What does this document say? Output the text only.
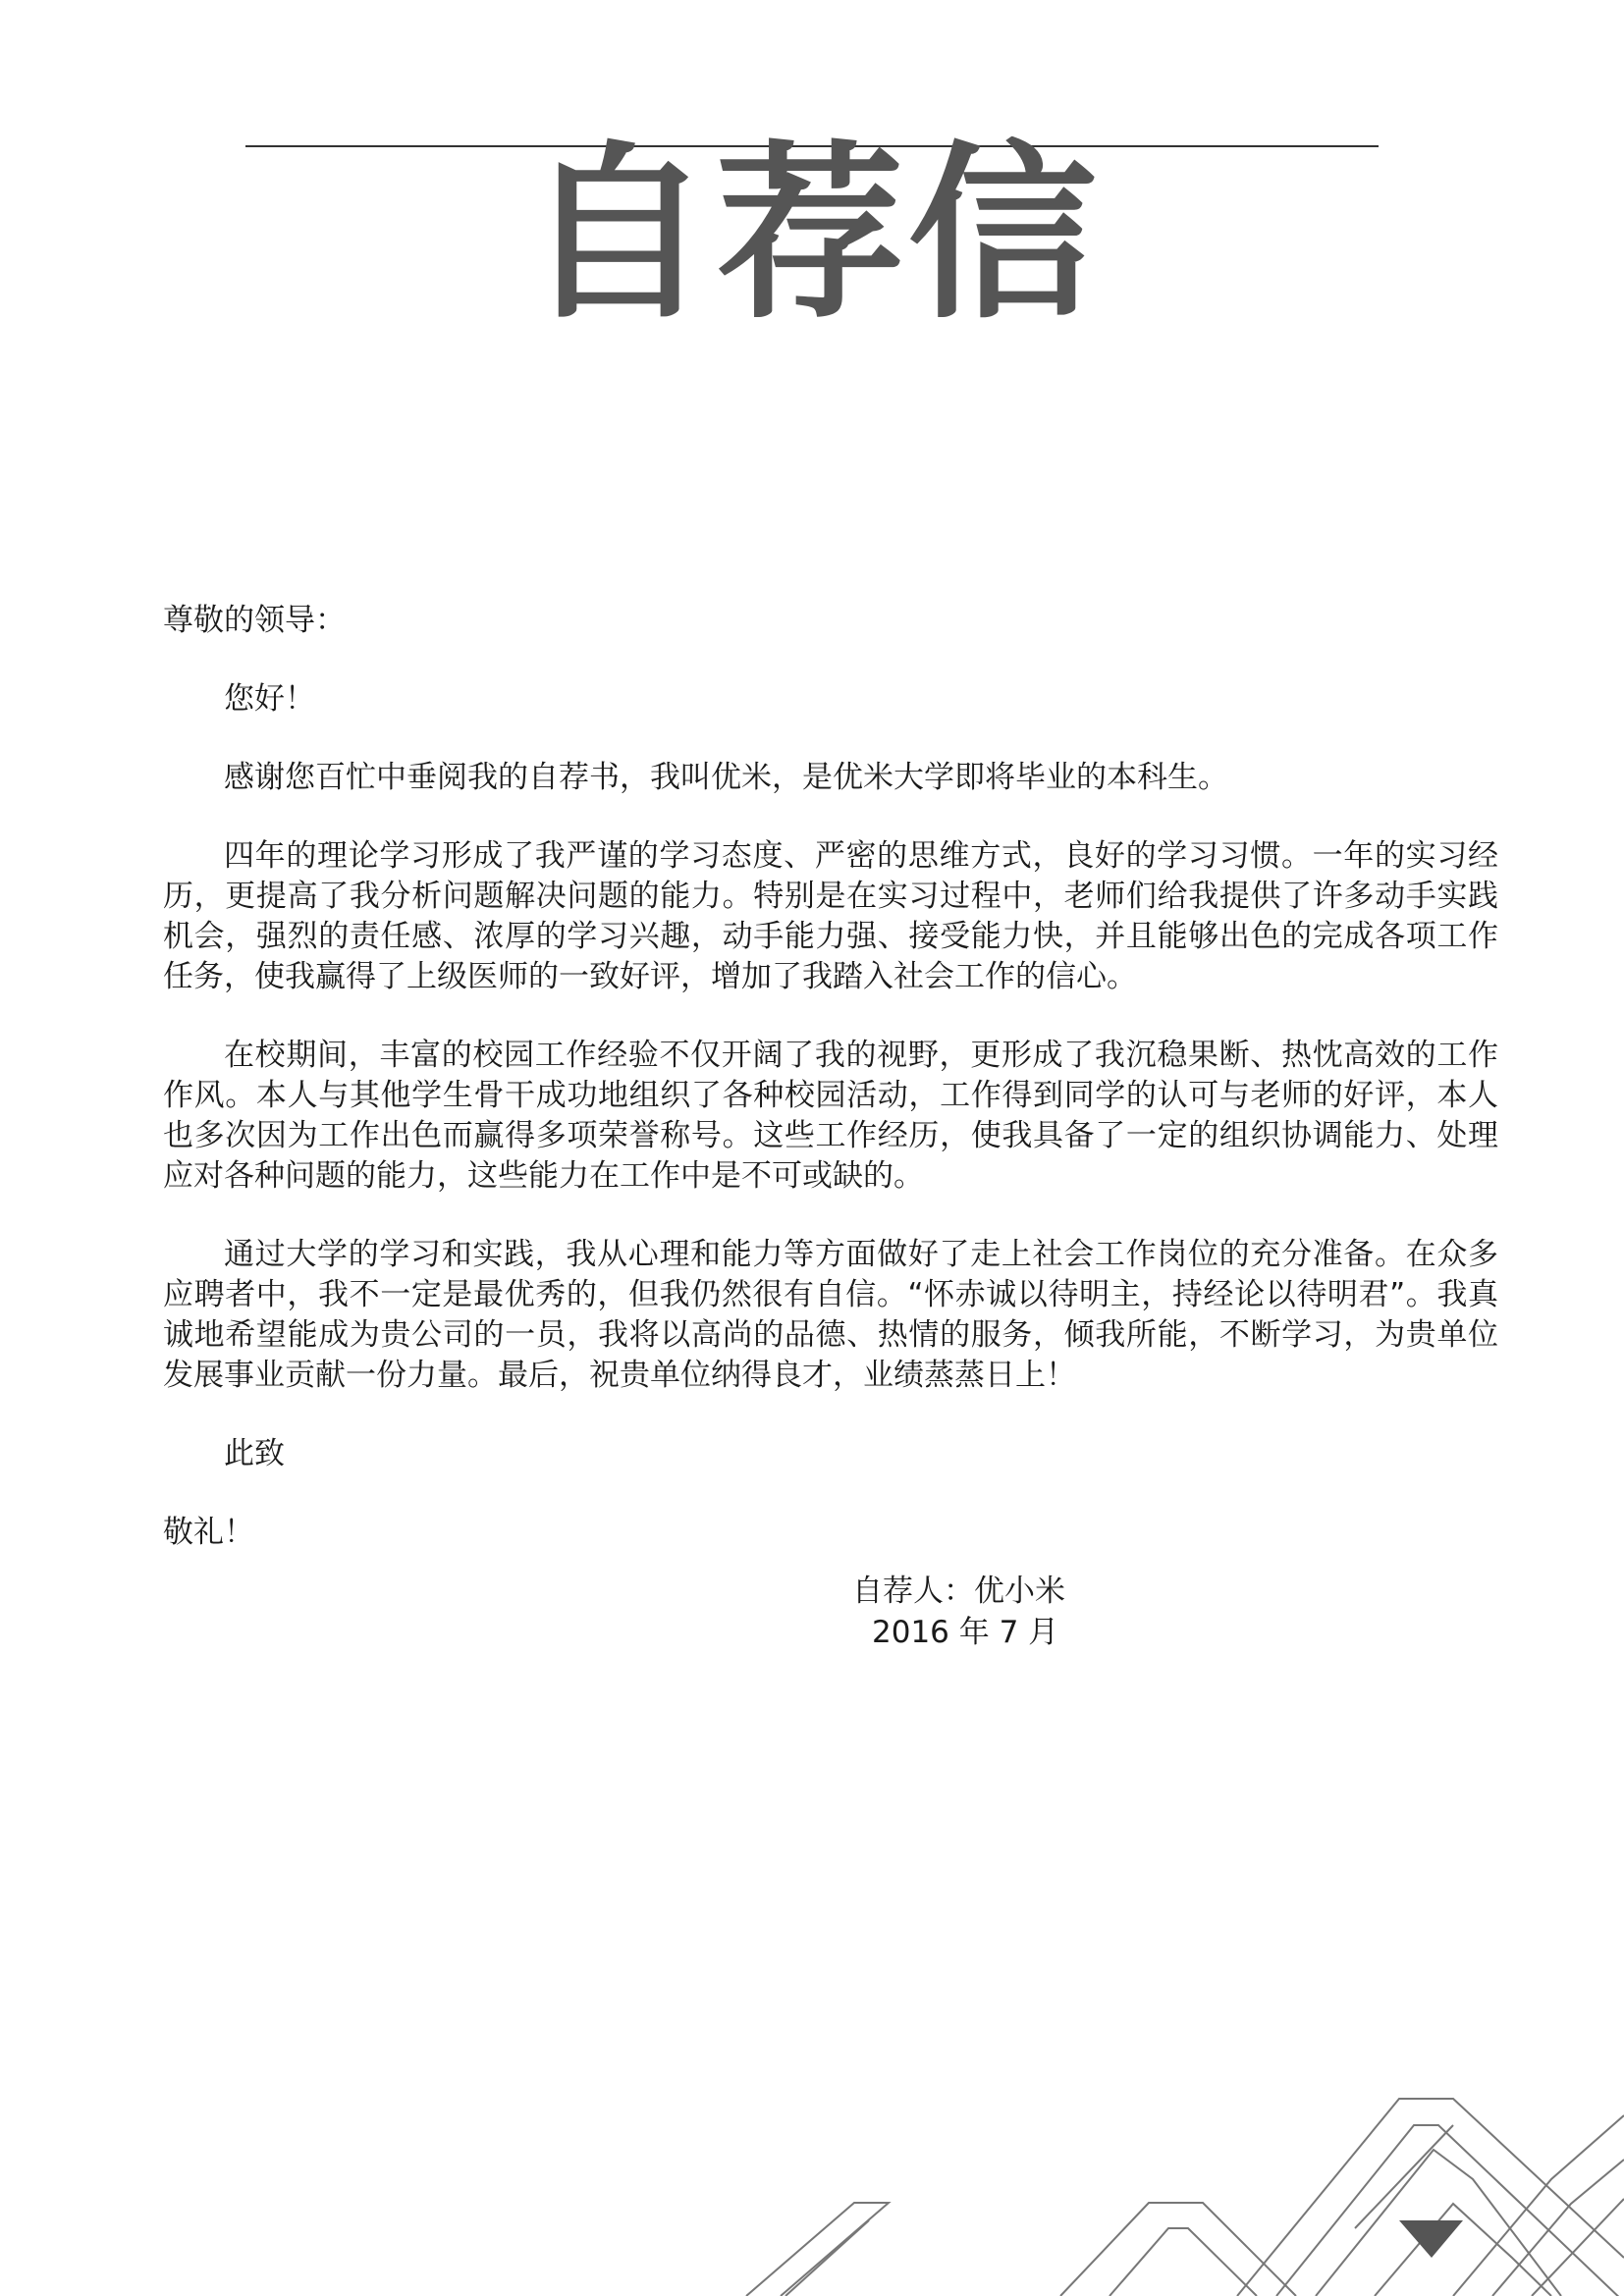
自荐信

尊敬的领导：

您好！

感谢您百忙中垂阅我的自荐书，我叫优米，是优米大学即将毕业的本科生。

四年的理论学习形成了我严谨的学习态度、严密的思维方式，良好的学习习惯。一年的实习经历，更提高了我分析问题解决问题的能力。特别是在实习过程中，老师们给我提供了许多动手实践机会，强烈的责任感、浓厚的学习兴趣，动手能力强、接受能力快，并且能够出色的完成各项工作任务，使我赢得了上级医师的一致好评，增加了我踏入社会工作的信心。

在校期间，丰富的校园工作经验不仅开阔了我的视野，更形成了我沉稳果断、热忱高效的工作作风。本人与其他学生骨干成功地组织了各种校园活动，工作得到同学的认可与老师的好评，本人也多次因为工作出色而赢得多项荣誉称号。这些工作经历，使我具备了一定的组织协调能力、处理应对各种问题的能力，这些能力在工作中是不可或缺的。

通过大学的学习和实践，我从心理和能力等方面做好了走上社会工作岗位的充分准备。在众多应聘者中，我不一定是最优秀的，但我仍然很有自信。“怀赤诚以待明主，持经论以待明君”。我真诚地希望能成为贵公司的一员，我将以高尚的品德、热情的服务，倾我所能，不断学习，为贵单位发展事业贡献一份力量。最后，祝贵单位纳得良才，业绩蒸蒸日上！

此致

敬礼！

自荐人：优小米
2016 年 7 月
